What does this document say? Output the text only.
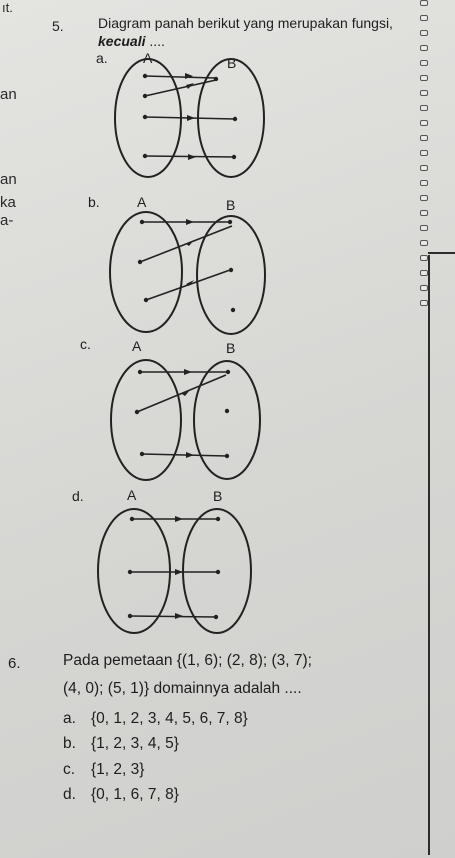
ıt.
an
an
ka
a-
5. Diagram panah berikut yang merupakan fungsi, kecuali ....
a.	A	B
b.	A	B
c.	A	B
d.	A	B
6.	Pada pemetaan {(1, 6); (2, 8); (3, 7);
(4, 0); (5, 1)} domainnya adalah ....
a. {0, 1, 2, 3, 4, 5, 6, 7, 8}
b. {1, 2, 3, 4, 5}
c. {1, 2, 3}
d. {0, 1, 6, 7, 8}
